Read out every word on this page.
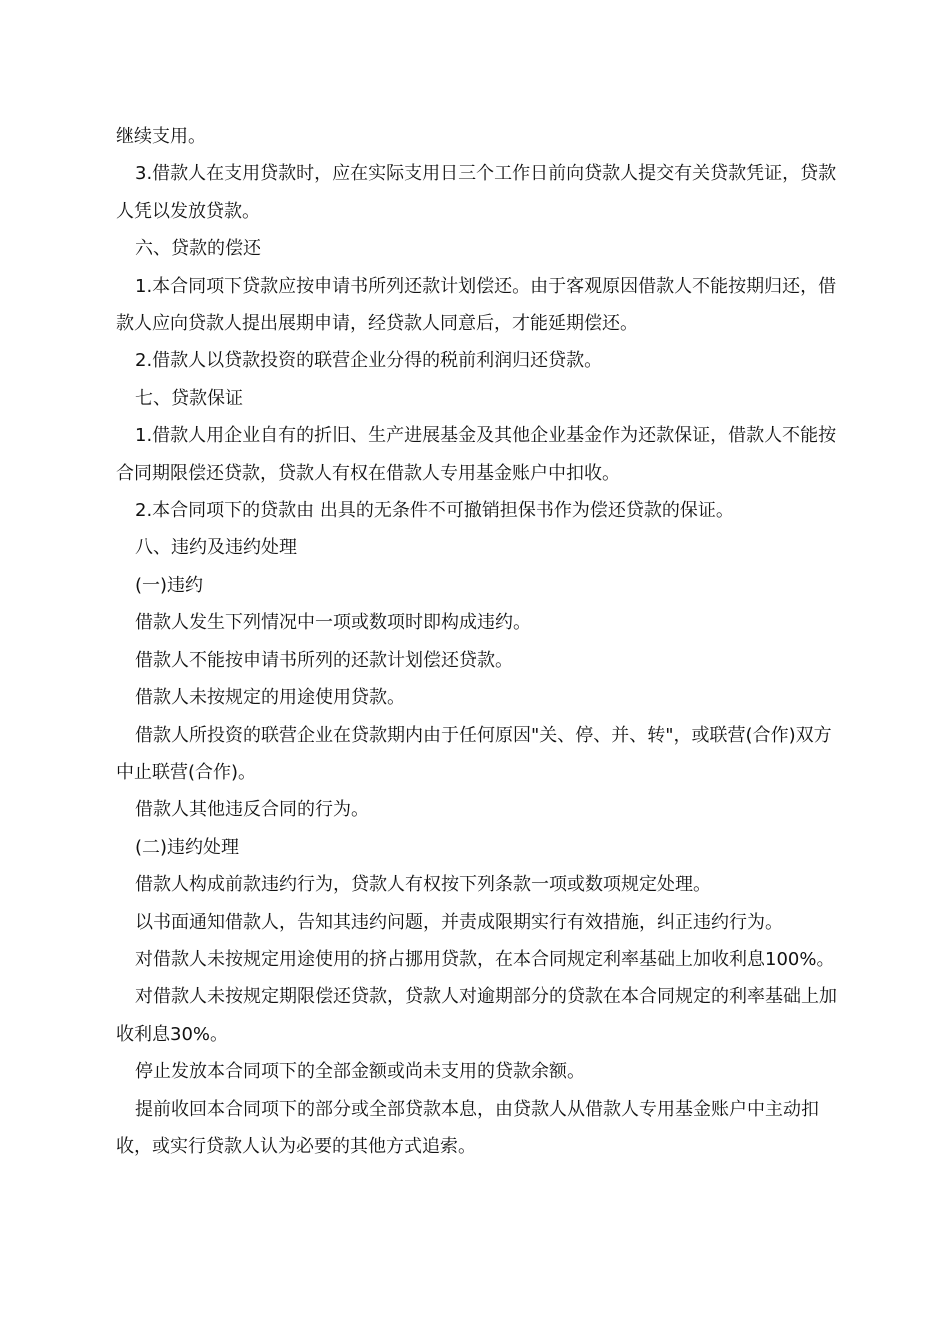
继续支用。

3.借款人在支用贷款时，应在实际支用日三个工作日前向贷款人提交有关贷款凭证，贷款人凭以发放贷款。

六、贷款的偿还

1.本合同项下贷款应按申请书所列还款计划偿还。由于客观原因借款人不能按期归还，借款人应向贷款人提出展期申请，经贷款人同意后，才能延期偿还。

2.借款人以贷款投资的联营企业分得的税前利润归还贷款。

七、贷款保证

1.借款人用企业自有的折旧、生产进展基金及其他企业基金作为还款保证，借款人不能按合同期限偿还贷款，贷款人有权在借款人专用基金账户中扣收。

2.本合同项下的贷款由 出具的无条件不可撤销担保书作为偿还贷款的保证。

八、违约及违约处理

(一)违约

借款人发生下列情况中一项或数项时即构成违约。

借款人不能按申请书所列的还款计划偿还贷款。

借款人未按规定的用途使用贷款。

借款人所投资的联营企业在贷款期内由于任何原因"关、停、并、转"，或联营(合作)双方中止联营(合作)。

借款人其他违反合同的行为。

(二)违约处理

借款人构成前款违约行为，贷款人有权按下列条款一项或数项规定处理。

以书面通知借款人，告知其违约问题，并责成限期实行有效措施，纠正违约行为。

对借款人未按规定用途使用的挤占挪用贷款，在本合同规定利率基础上加收利息100%。

对借款人未按规定期限偿还贷款，贷款人对逾期部分的贷款在本合同规定的利率基础上加收利息30%。

停止发放本合同项下的全部金额或尚未支用的贷款余额。

提前收回本合同项下的部分或全部贷款本息，由贷款人从借款人专用基金账户中主动扣收，或实行贷款人认为必要的其他方式追索。
